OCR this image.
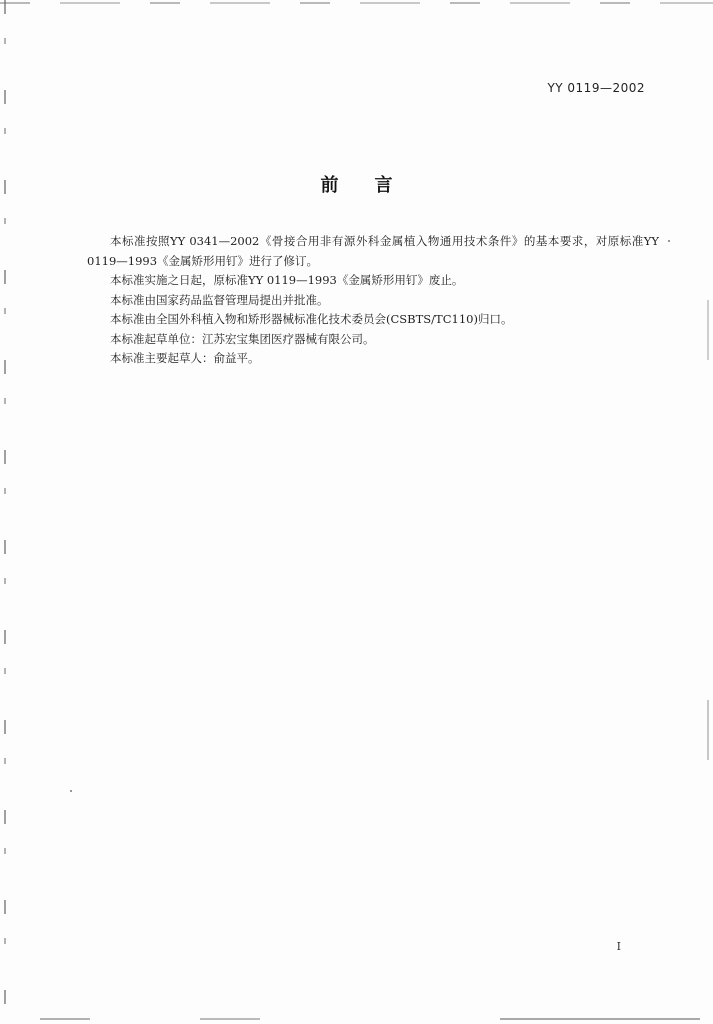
YY 0119—2002
前言

本标准按照YY 0341—2002《骨接合用非有源外科金属植入物通用技术条件》的基本要求，对原标准YY 0119—1993《金属矫形用钉》进行了修订。

本标准实施之日起，原标准YY 0119—1993《金属矫形用钉》废止。

本标准由国家药品监督管理局提出并批准。

本标准由全国外科植入物和矫形器械标准化技术委员会(CSBTS/TC110)归口。

本标准起草单位：江苏宏宝集团医疗器械有限公司。

本标准主要起草人：俞益平。

I
